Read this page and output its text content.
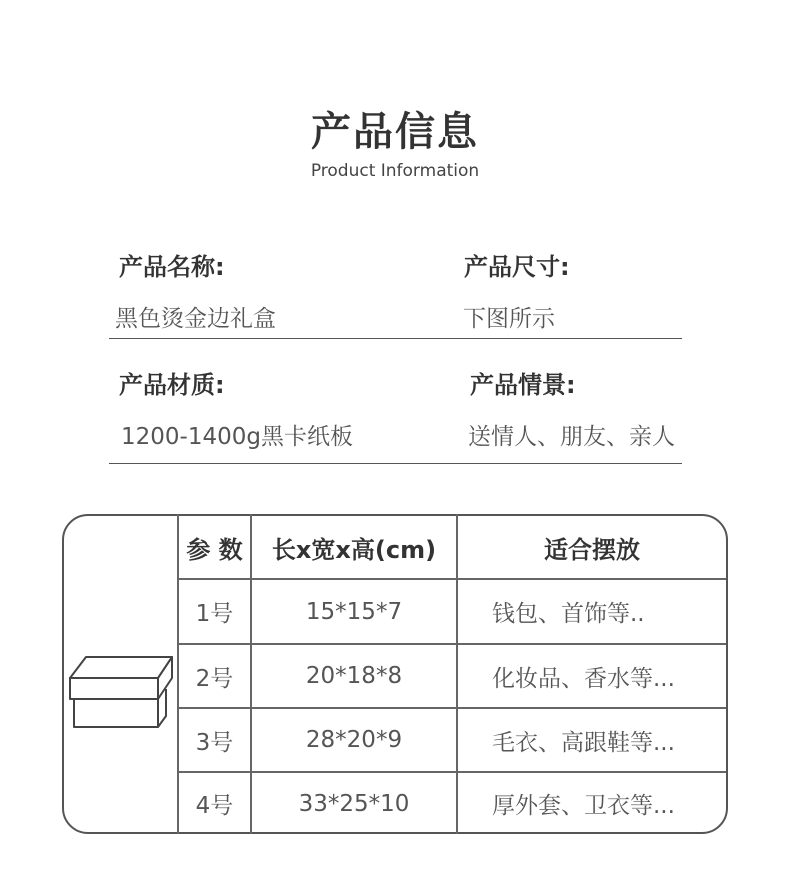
产品信息
Product Information
产品名称:
黑色烫金边礼盒
产品尺寸:
下图所示
产品材质:
1200-1400g黑卡纸板
产品情景:
送情人、朋友、亲人
参 数	长x宽x高(cm)	适合摆放
1号	15*15*7	钱包、首饰等..
2号	20*18*8	化妆品、香水等...
3号	28*20*9	毛衣、高跟鞋等...
4号	33*25*10	厚外套、卫衣等...
